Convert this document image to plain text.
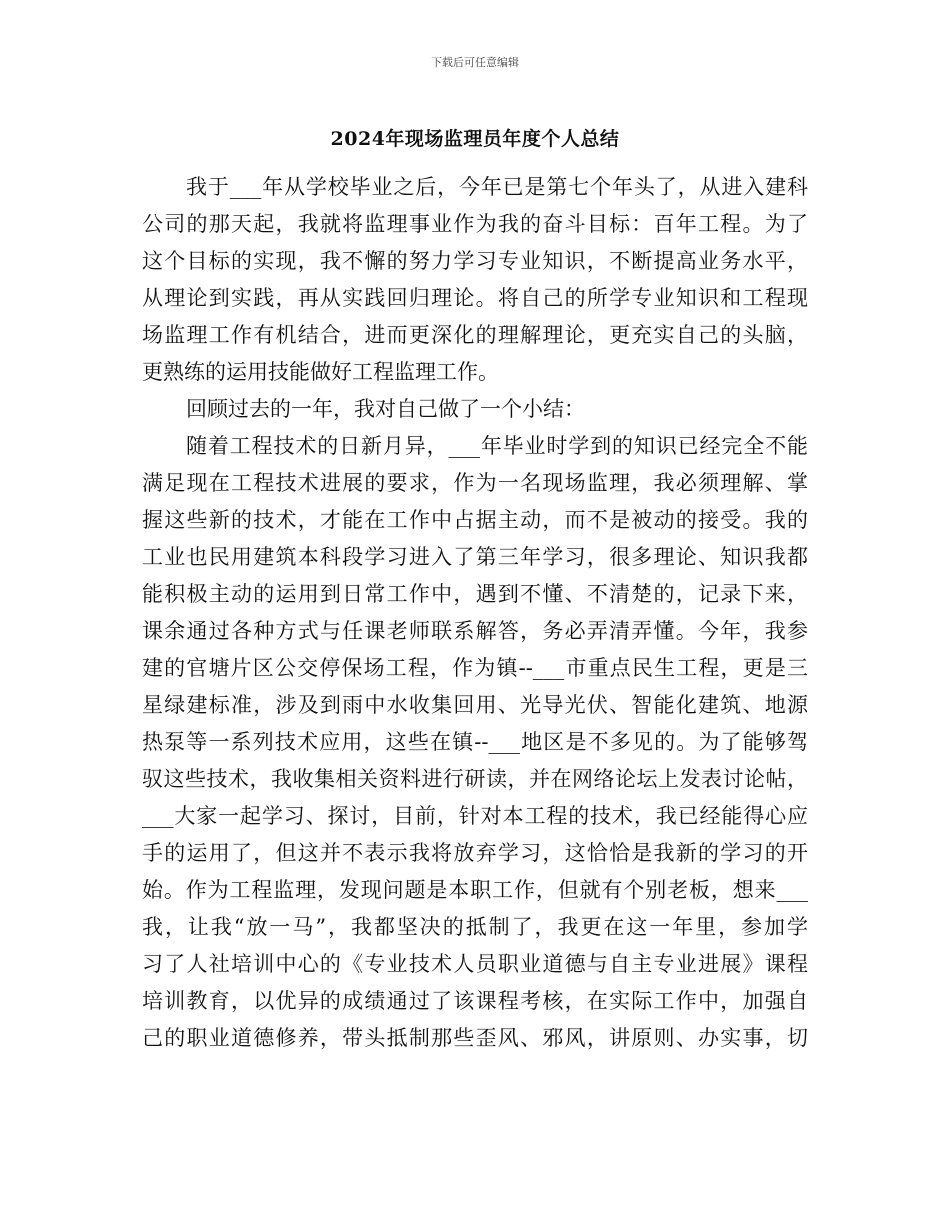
下载后可任意编辑
2024年现场监理员年度个人总结
我于___年从学校毕业之后，今年已是第七个年头了，从进入建科
公司的那天起，我就将监理事业作为我的奋斗目标：百年工程。为了
这个目标的实现，我不懈的努力学习专业知识，不断提高业务水平，
从理论到实践，再从实践回归理论。将自己的所学专业知识和工程现
场监理工作有机结合，进而更深化的理解理论，更充实自己的头脑，
更熟练的运用技能做好工程监理工作。
回顾过去的一年，我对自己做了一个小结：
随着工程技术的日新月异，___年毕业时学到的知识已经完全不能
满足现在工程技术进展的要求，作为一名现场监理，我必须理解、掌
握这些新的技术，才能在工作中占据主动，而不是被动的接受。我的
工业也民用建筑本科段学习进入了第三年学习，很多理论、知识我都
能积极主动的运用到日常工作中，遇到不懂、不清楚的，记录下来，
课余通过各种方式与任课老师联系解答，务必弄清弄懂。今年，我参
建的官塘片区公交停保场工程，作为镇--___市重点民生工程，更是三
星绿建标准，涉及到雨中水收集回用、光导光伏、智能化建筑、地源
热泵等一系列技术应用，这些在镇--___地区是不多见的。为了能够驾
驭这些技术，我收集相关资料进行研读，并在网络论坛上发表讨论帖，
___大家一起学习、探讨，目前，针对本工程的技术，我已经能得心应
手的运用了，但这并不表示我将放弃学习，这恰恰是我新的学习的开
始。作为工程监理，发现问题是本职工作，但就有个别老板，想来___
我，让我“放一马”，我都坚决的抵制了，我更在这一年里，参加学
习了人社培训中心的《专业技术人员职业道德与自主专业进展》课程
培训教育，以优异的成绩通过了该课程考核，在实际工作中，加强自
己的职业道德修养，带头抵制那些歪风、邪风，讲原则、办实事，切
